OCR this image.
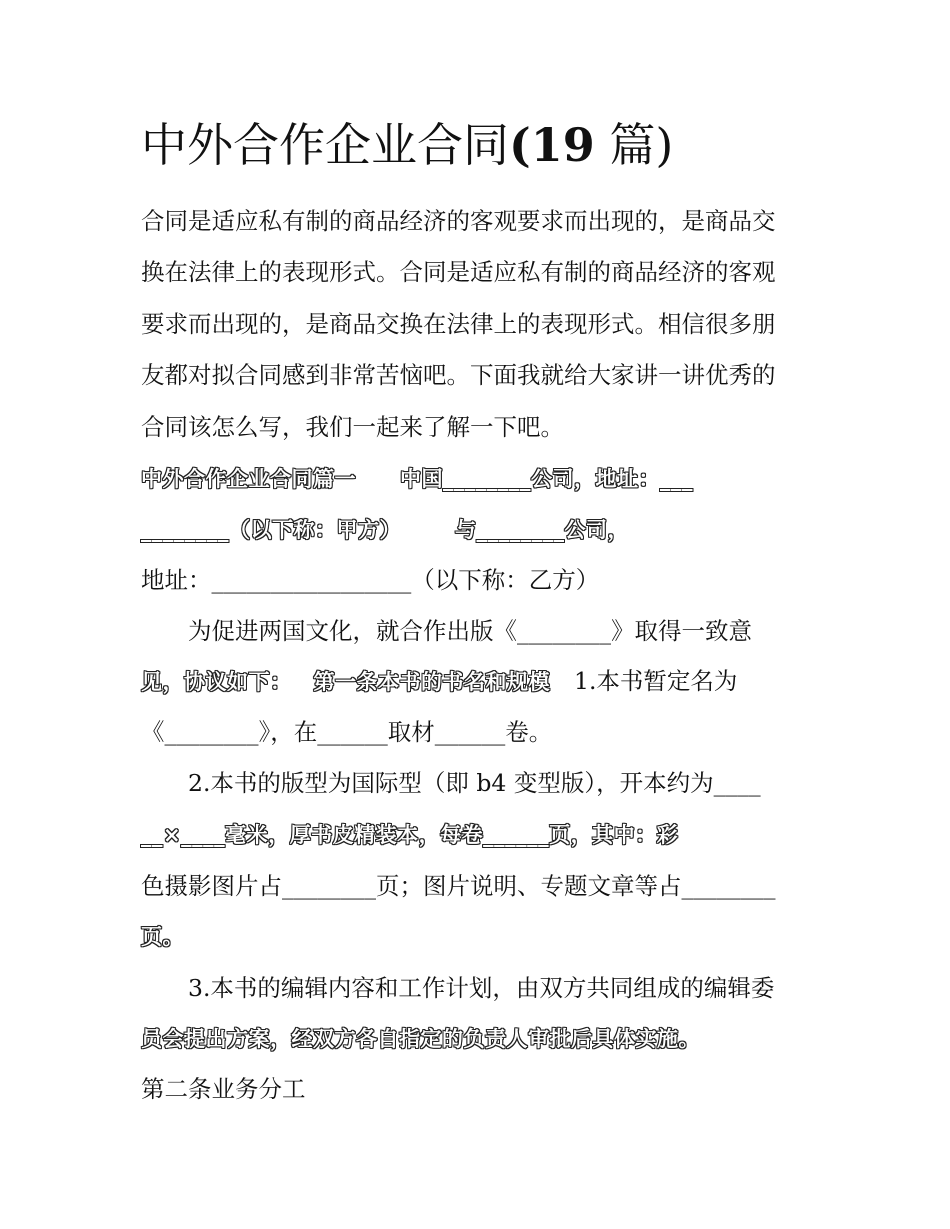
中外合作企业合同(19 篇)
合同是适应私有制的商品经济的客观要求而出现的，是商品交
换在法律上的表现形式。合同是适应私有制的商品经济的客观
要求而出现的，是商品交换在法律上的表现形式。相信很多朋
友都对拟合同感到非常苦恼吧。下面我就给大家讲一讲优秀的
合同该怎么写，我们一起来了解一下吧。
中外合作企业合同篇一 中国________公司，地址：___
________（以下称：甲方）	与________公司，
地址：_________________（以下称：乙方）
为促进两国文化，就合作出版《________》取得一致意
见，协议如下： 第一条本书的书名和规模 1.本书暂定名为
《________》，在______取材______卷。
2.本书的版型为国际型（即 b4 变型版），开本约为____
__×____毫米，厚书皮精装本，每卷______页，其中：彩
色摄影图片占________页；图片说明、专题文章等占________
页。
3.本书的编辑内容和工作计划，由双方共同组成的编辑委
员会提出方案，经双方各自指定的负责人审批后具体实施。
第二条业务分工
